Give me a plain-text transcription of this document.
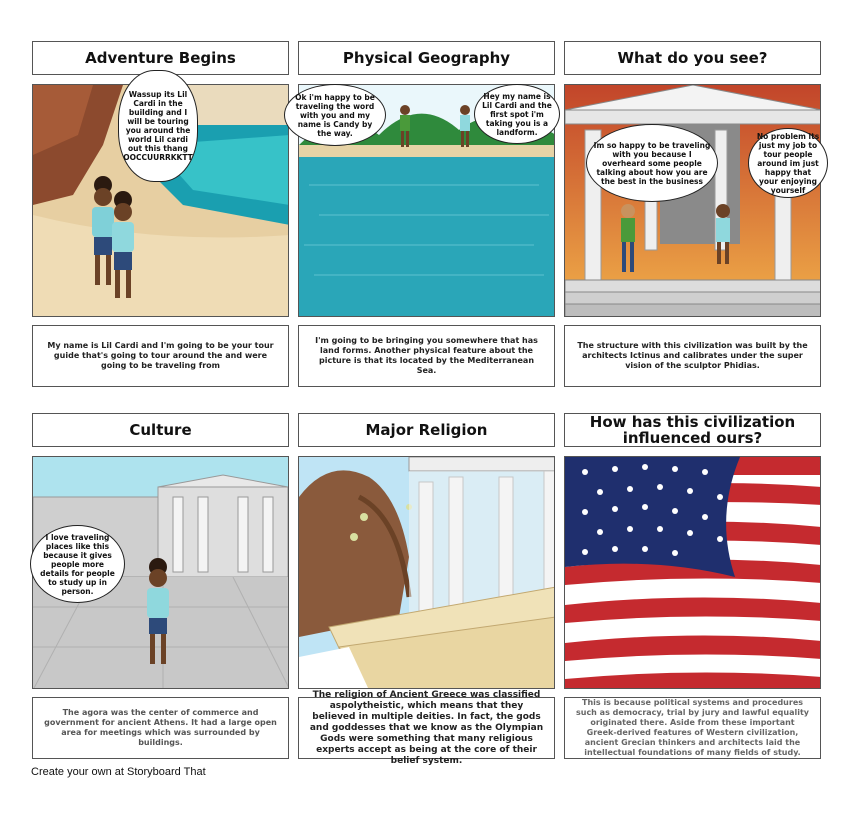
Adventure Begins	Physical Geography	What do you see?
Wassup its Lil Cardi in the building and I will be touring you around the world Lil cardi out this thang OOCCUURRKKTT
Ok i'm happy to be traveling the word with you and my name is Candy by the way.
Hey my name is Lil Cardi and the first spot i'm taking you is a landform.
Im so happy to be traveling with you because I overheard some people talking about how you are the best in the business
No problem its just my job to tour people around im just happy that your enjoying yourself
My name is Lil Cardi and I'm going to be your tour guide that's going to tour around the and were going to be traveling from
I'm going to be bringing you somewhere that has land forms. Another physical feature about the picture is that its located by the Mediterranean Sea.
The structure with this civilization was built by the architects Ictinus and calibrates under the super vision of the sculptor Phidias.
Culture	Major Religion	How has this civilization influenced ours?
I love traveling places like this because it gives people more details for people to study up in person.
The agora was the center of commerce and government for ancient Athens. It had a large open area for meetings which was surrounded by buildings.
The religion of Ancient Greece was classified aspolytheistic, which means that they believed in multiple deities. In fact, the gods and goddesses that we know as the Olympian Gods were something that many religious experts accept as being at the core of their belief system.
This is because political systems and procedures such as democracy, trial by jury and lawful equality originated there. Aside from these important Greek-derived features of Western civilization, ancient Grecian thinkers and architects laid the intellectual foundations of many fields of study.
Create your own at Storyboard That
